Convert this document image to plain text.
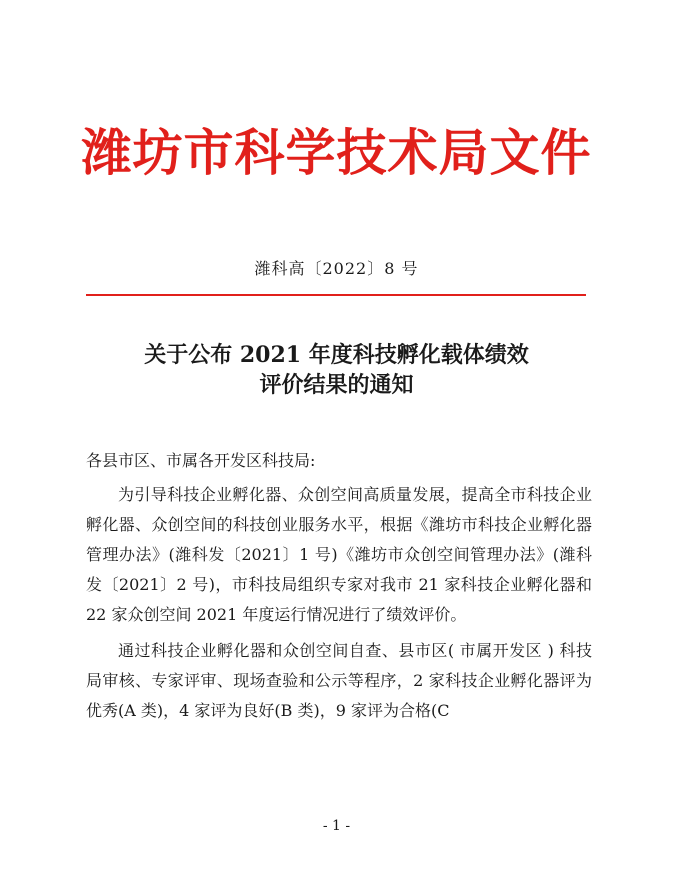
潍坊市科学技术局文件
潍科高〔2022〕8 号
关于公布 2021 年度科技孵化载体绩效
评价结果的通知

各县市区、市属各开发区科技局:

为引导科技企业孵化器、众创空间高质量发展，提高全市科技企业孵化器、众创空间的科技创业服务水平，根据《潍坊市科技企业孵化器管理办法》(潍科发〔2021〕1 号)《潍坊市众创空间管理办法》(潍科发〔2021〕2 号)，市科技局组织专家对我市 21 家科技企业孵化器和 22 家众创空间 2021 年度运行情况进行了绩效评价。

通过科技企业孵化器和众创空间自查、县市区( 市属开发区 ) 科技局审核、专家评审、现场查验和公示等程序，2 家科技企业孵化器评为优秀(A 类)，4 家评为良好(B 类)，9 家评为合格(C

- 1 -
